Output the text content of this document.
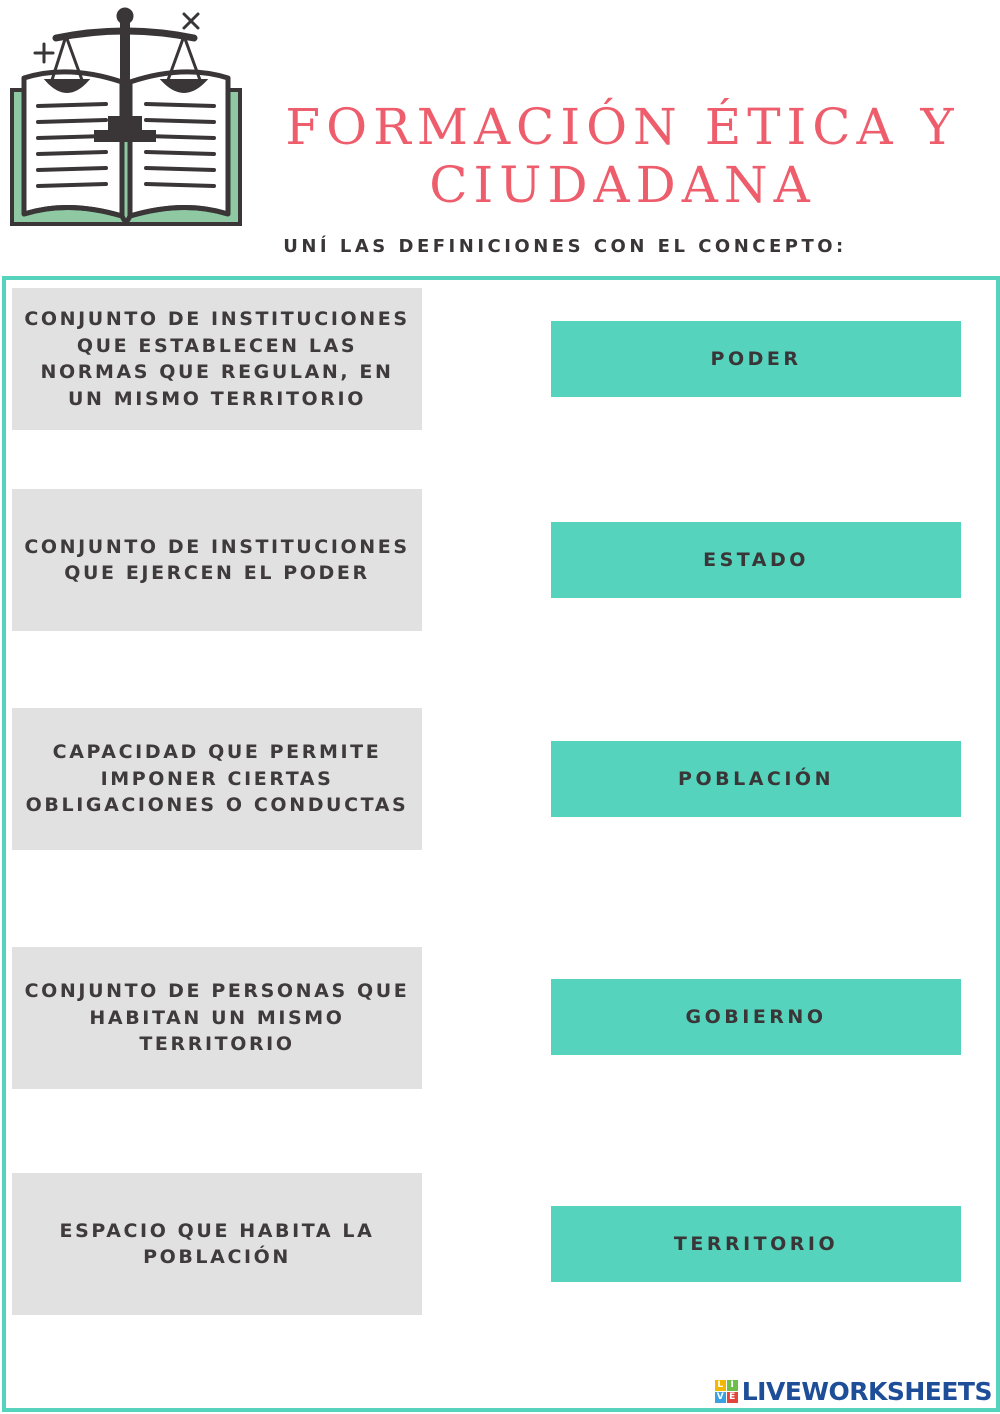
FORMACIÓN ÉTICA Y CIUDADANA
UNÍ LAS DEFINICIONES CON EL CONCEPTO:
CONJUNTO DE INSTITUCIONES QUE ESTABLECEN LAS NORMAS QUE REGULAN, EN UN MISMO TERRITORIO
CONJUNTO DE INSTITUCIONES QUE EJERCEN EL PODER
CAPACIDAD QUE PERMITE IMPONER CIERTAS OBLIGACIONES O CONDUCTAS
CONJUNTO DE PERSONAS QUE HABITAN UN MISMO TERRITORIO
ESPACIO QUE HABITA LA POBLACIÓN
PODER
ESTADO
POBLACIÓN
GOBIERNO
TERRITORIO
L I
V E LIVEWORKSHEETS
